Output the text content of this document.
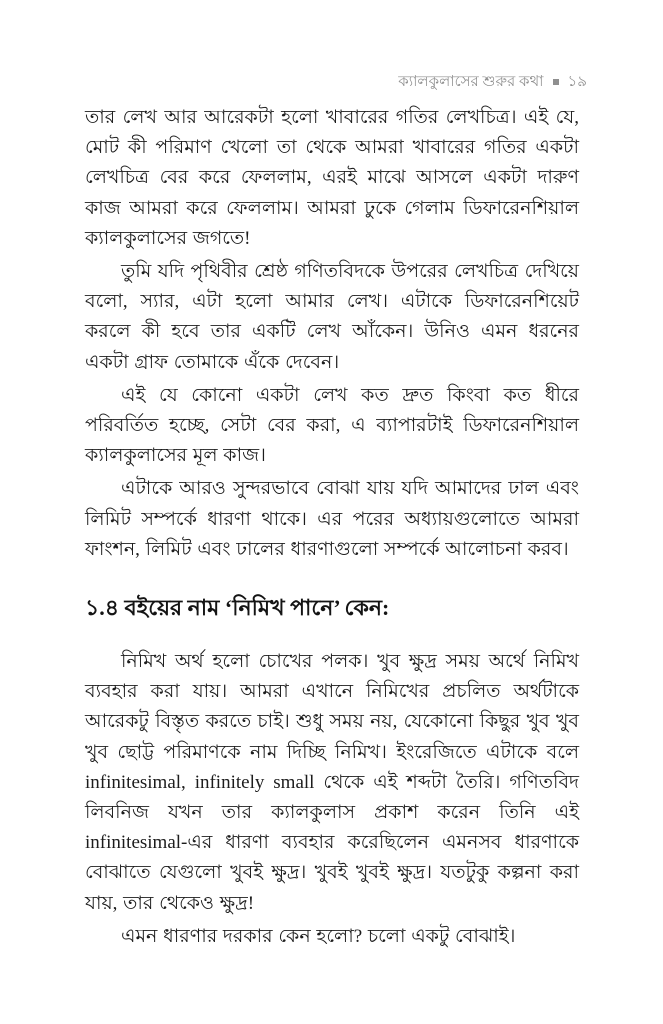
ক্যালকুলাসের শুরুর কথা ১৯

তার লেখ আর আরেকটা হলো খাবারের গতির লেখচিত্র। এই যে, মোট কী পরিমাণ খেলো তা থেকে আমরা খাবারের গতির একটা লেখচিত্র বের করে ফেললাম, এরই মাঝে আসলে একটা দারুণ কাজ আমরা করে ফেললাম। আমরা ঢুকে গেলাম ডিফারেনশিয়াল ক্যালকুলাসের জগতে!

তুমি যদি পৃথিবীর শ্রেষ্ঠ গণিতবিদকে উপরের লেখচিত্র দেখিয়ে বলো, স্যার, এটা হলো আমার লেখ। এটাকে ডিফারেনশিয়েট করলে কী হবে তার একটি লেখ আঁকেন। উনিও এমন ধরনের একটা গ্রাফ তোমাকে এঁকে দেবেন।

এই যে কোনো একটা লেখ কত দ্রুত কিংবা কত ধীরে পরিবর্তিত হচ্ছে, সেটা বের করা, এ ব্যাপারটাই ডিফারেনশিয়াল ক্যালকুলাসের মূল কাজ।

এটাকে আরও সুন্দরভাবে বোঝা যায় যদি আমাদের ঢাল এবং লিমিট সম্পর্কে ধারণা থাকে। এর পরের অধ্যায়গুলোতে আমরা ফাংশন, লিমিট এবং ঢালের ধারণাগুলো সম্পর্কে আলোচনা করব।

১.৪ বইয়ের নাম ‘নিমিখ পানে’ কেন:

নিমিখ অর্থ হলো চোখের পলক। খুব ক্ষুদ্র সময় অর্থে নিমিখ ব্যবহার করা যায়। আমরা এখানে নিমিখের প্রচলিত অর্থটাকে আরেকটু বিস্তৃত করতে চাই। শুধু সময় নয়, যেকোনো কিছুর খুব খুব খুব ছোট্ট পরিমাণকে নাম দিচ্ছি নিমিখ। ইংরেজিতে এটাকে বলে infinitesimal, infinitely small থেকে এই শব্দটা তৈরি। গণিতবিদ লিবনিজ যখন তার ক্যালকুলাস প্রকাশ করেন তিনি এই infinitesimal-এর ধারণা ব্যবহার করেছিলেন এমনসব ধারণাকে বোঝাতে যেগুলো খুবই ক্ষুদ্র। খুবই খুবই ক্ষুদ্র। যতটুকু কল্পনা করা যায়, তার থেকেও ক্ষুদ্র!

এমন ধারণার দরকার কেন হলো? চলো একটু বোঝাই।
